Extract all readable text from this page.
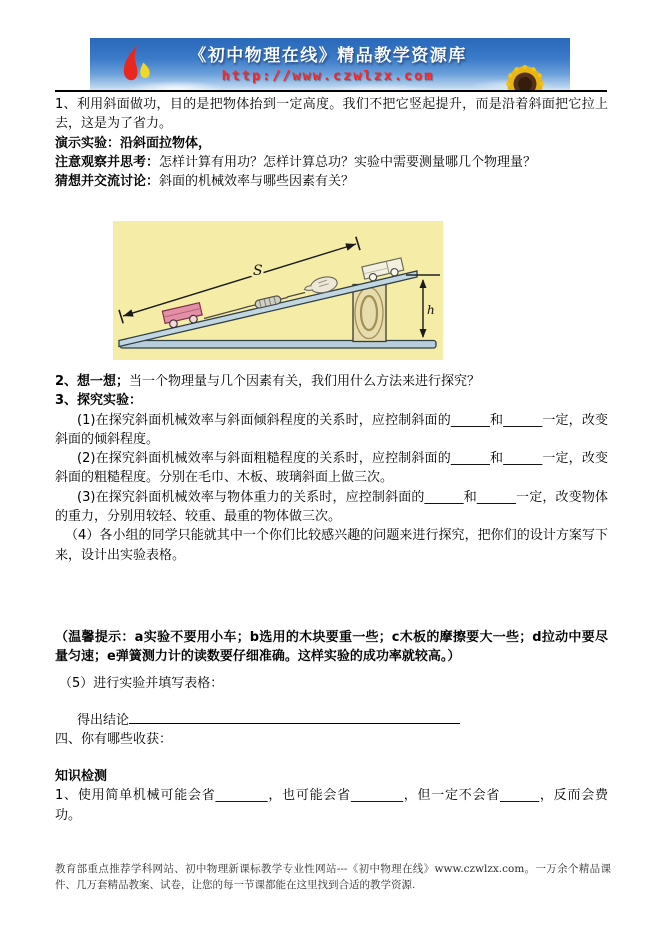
《初中物理在线》精品教学资源库
http://www.czwlzx.com

1、利用斜面做功，目的是把物体抬到一定高度。我们不把它竖起提升，而是沿着斜面把它拉上去，这是为了省力。

演示实验：沿斜面拉物体，

注意观察并思考：怎样计算有用功？怎样计算总功？实验中需要测量哪几个物理量？

猜想并交流讨论：斜面的机械效率与哪些因素有关？

S
h

2、想一想；当一个物理量与几个因素有关，我们用什么方法来进行探究？

3、探究实验：

(1)在探究斜面机械效率与斜面倾斜程度的关系时，应控制斜面的______和______一定，改变斜面的倾斜程度。

(2)在探究斜面机械效率与斜面粗糙程度的关系时，应控制斜面的______和______一定，改变斜面的粗糙程度。分别在毛巾、木板、玻璃斜面上做三次。

(3)在探究斜面机械效率与物体重力的关系时，应控制斜面的______和______一定，改变物体的重力，分别用较轻、较重、最重的物体做三次。

（4）各小组的同学只能就其中一个你们比较感兴趣的问题来进行探究，把你们的设计方案写下来，设计出实验表格。

（温馨提示：a实验不要用小车；b选用的木块要重一些；c木板的摩擦要大一些；d拉动中要尽量匀速；e弹簧测力计的读数要仔细准确。这样实验的成功率就较高。）

（5）进行实验并填写表格：

得出结论

四、你有哪些收获：

知识检测

1、使用简单机械可能会省________，也可能会省________，但一定不会省______，反而会费功。

教育部重点推荐学科网站、初中物理新课标教学专业性网站---《初中物理在线》www.czwlzx.com。一万余个精品课件、几万套精品教案、试卷，让您的每一节课都能在这里找到合适的教学资源.
